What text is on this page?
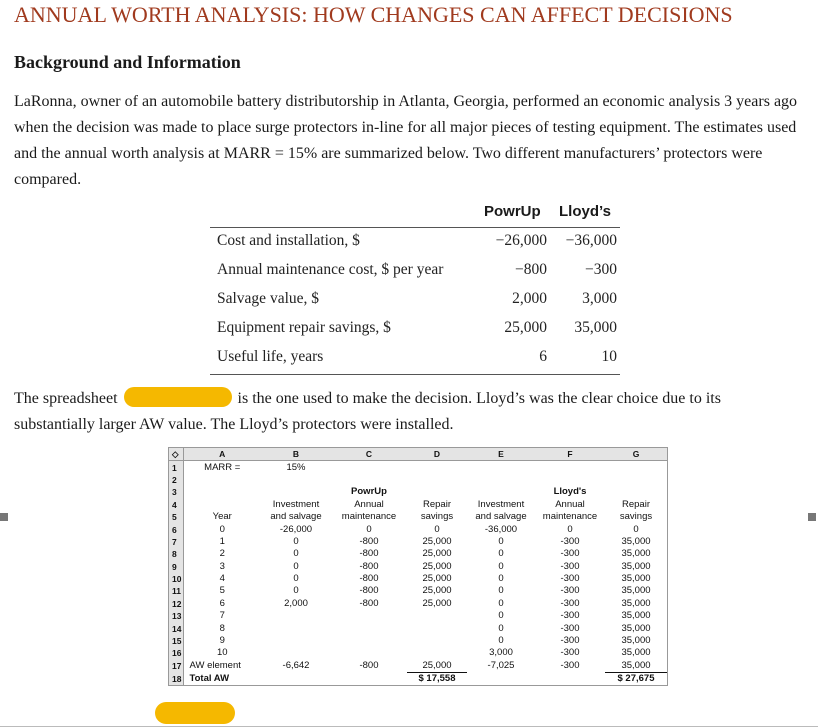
ANNUAL WORTH ANALYSIS: HOW CHANGES CAN AFFECT DECISIONS
Background and Information
LaRonna, owner of an automobile battery distributorship in Atlanta, Georgia, performed an economic analysis 3 years ago when the decision was made to place surge protectors in-line for all major pieces of testing equipment. The estimates used and the annual worth analysis at MARR = 15% are summarized below. Two different manufacturers’ protectors were compared.
PowrUp Lloyd’s
Cost and installation, $	−26,000 −36,000
Annual maintenance cost, $ per year	−800 −300
Salvage value, $	2,000 3,000
Equipment repair savings, $	25,000 35,000
Useful life, years	6	10
The spreadsheet	is the one used to make the decision. Lloyd’s was the clear choice due to its substantially larger AW value. The Lloyd’s protectors were installed.
◇	A	B	C	D	E	F	G
1	MARR =	15%					
2							
3			PowrUp			Lloyd's	
4		Investment	Annual	Repair	Investment	Annual	Repair
5	Year	and salvage	maintenance	savings	and salvage	maintenance	savings
6	0	-26,000	0	0	-36,000	0	0
7	1	0	-800	25,000	0	-300	35,000
8	2	0	-800	25,000	0	-300	35,000
9	3	0	-800	25,000	0	-300	35,000
10	4	0	-800	25,000	0	-300	35,000
11	5	0	-800	25,000	0	-300	35,000
12	6	2,000	-800	25,000	0	-300	35,000
13	7				0	-300	35,000
14	8				0	-300	35,000
15	9				0	-300	35,000
16	10				3,000	-300	35,000
17	AW element	-6,642	-800	25,000	-7,025	-300	35,000
18	Total AW			$ 17,558			$ 27,675
